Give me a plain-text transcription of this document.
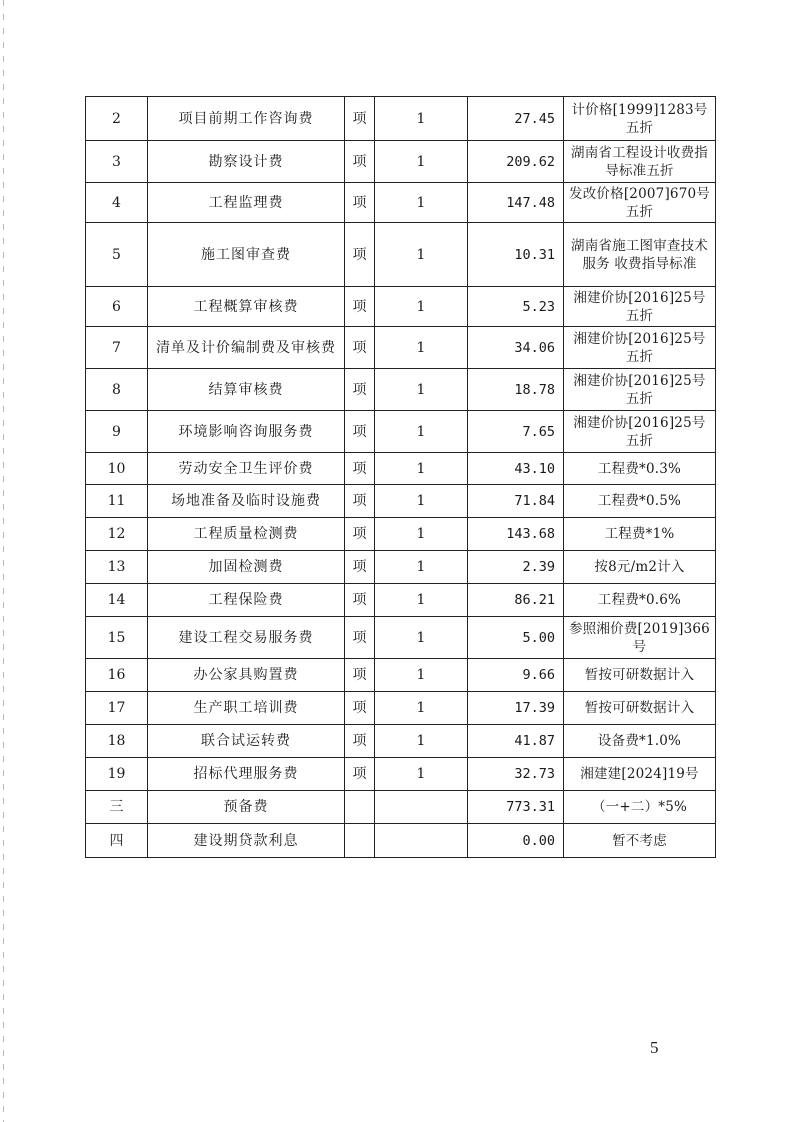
2	项目前期工作咨询费	项	1	27.45	计价格[1999]1283号五折
3	勘察设计费	项	1	209.62	湖南省工程设计收费指导标准五折
4	工程监理费	项	1	147.48	发改价格[2007]670号五折
5	施工图审查费	项	1	10.31	湖南省施工图审查技术服务 收费指导标准
6	工程概算审核费	项	1	5.23	湘建价协[2016]25号五折
7	清单及计价编制费及审核费	项	1	34.06	湘建价协[2016]25号五折
8	结算审核费	项	1	18.78	湘建价协[2016]25号五折
9	环境影响咨询服务费	项	1	7.65	湘建价协[2016]25号五折
10	劳动安全卫生评价费	项	1	43.10	工程费*0.3%
11	场地准备及临时设施费	项	1	71.84	工程费*0.5%
12	工程质量检测费	项	1	143.68	工程费*1%
13	加固检测费	项	1	2.39	按8元/m2计入
14	工程保险费	项	1	86.21	工程费*0.6%
15	建设工程交易服务费	项	1	5.00	参照湘价费[2019]366 号
16	办公家具购置费	项	1	9.66	暂按可研数据计入
17	生产职工培训费	项	1	17.39	暂按可研数据计入
18	联合试运转费	项	1	41.87	设备费*1.0%
19	招标代理服务费	项	1	32.73	湘建建[2024]19号
三	预备费			773.31	（一+二）*5%
四	建设期贷款利息			0.00	暂不考虑
5
